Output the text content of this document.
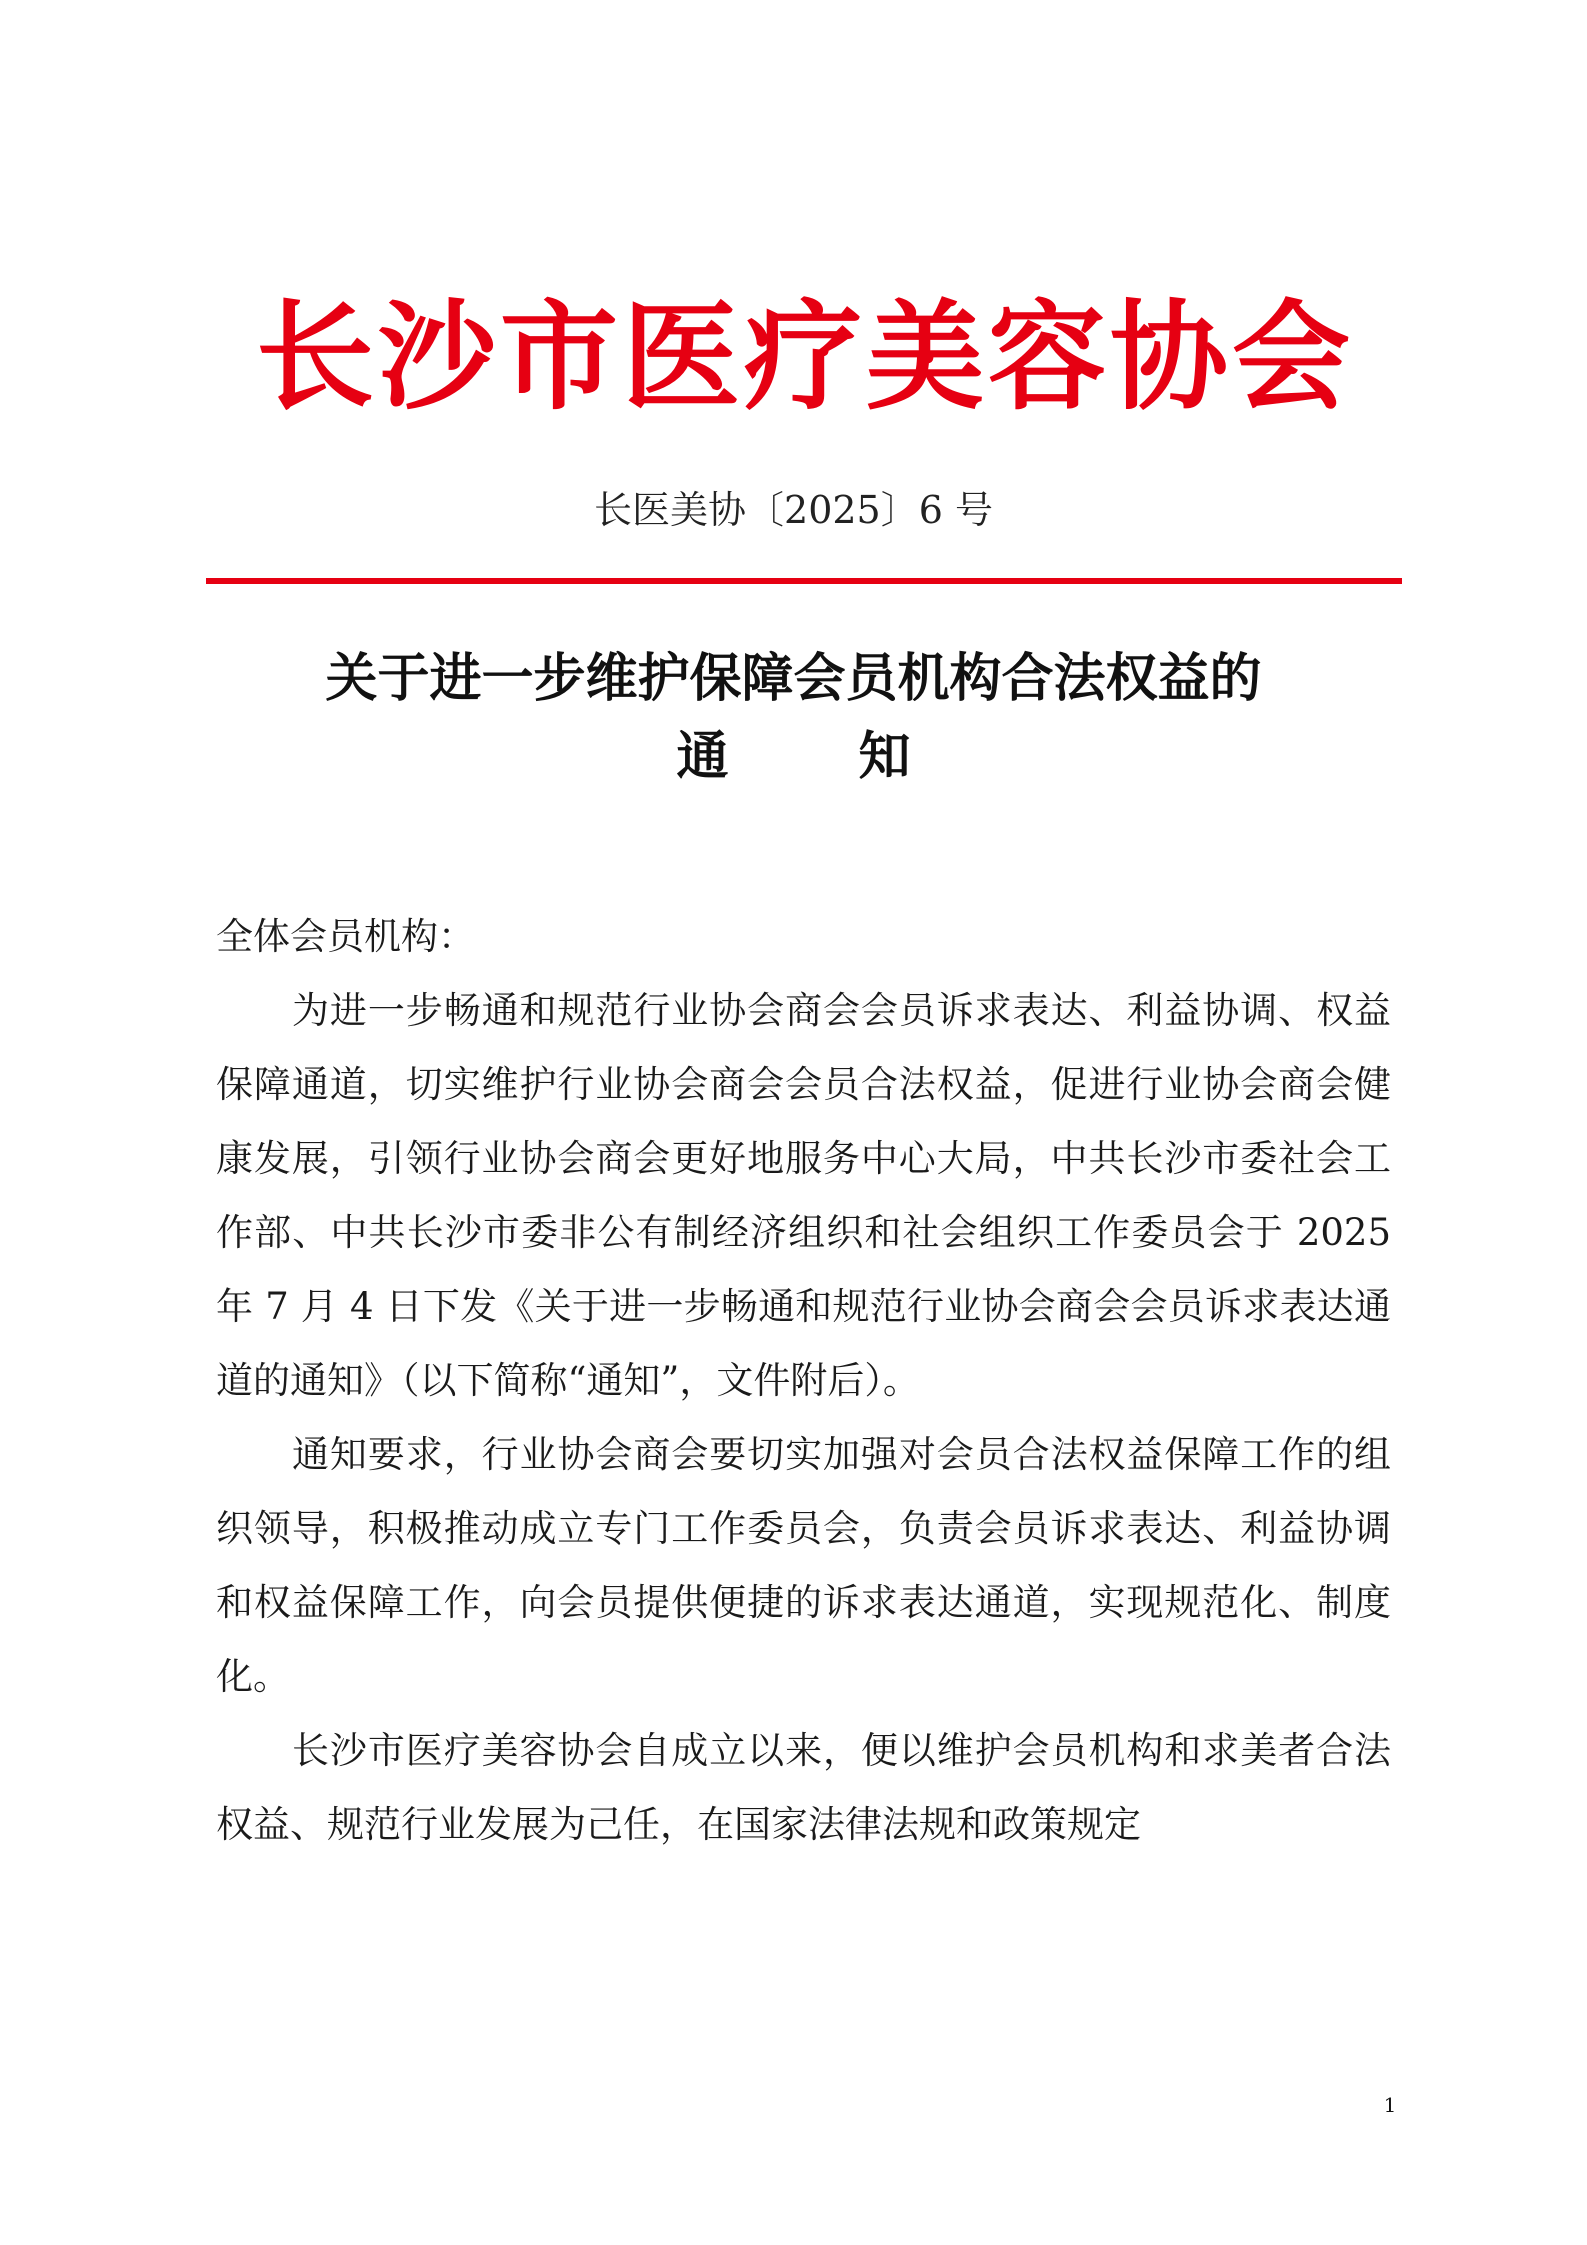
长沙市医疗美容协会
长医美协〔2025〕6 号
关于进一步维护保障会员机构合法权益的
通知

全体会员机构：

为进一步畅通和规范行业协会商会会员诉求表达、利益协调、权益保障通道，切实维护行业协会商会会员合法权益，促进行业协会商会健康发展，引领行业协会商会更好地服务中心大局，中共长沙市委社会工作部、中共长沙市委非公有制经济组织和社会组织工作委员会于 2025 年 7 月 4 日下发《关于进一步畅通和规范行业协会商会会员诉求表达通道的通知》（以下简称“通知”，文件附后）。

通知要求，行业协会商会要切实加强对会员合法权益保障工作的组织领导，积极推动成立专门工作委员会，负责会员诉求表达、利益协调和权益保障工作，向会员提供便捷的诉求表达通道，实现规范化、制度化。

长沙市医疗美容协会自成立以来，便以维护会员机构和求美者合法权益、规范行业发展为己任，在国家法律法规和政策规定

1
